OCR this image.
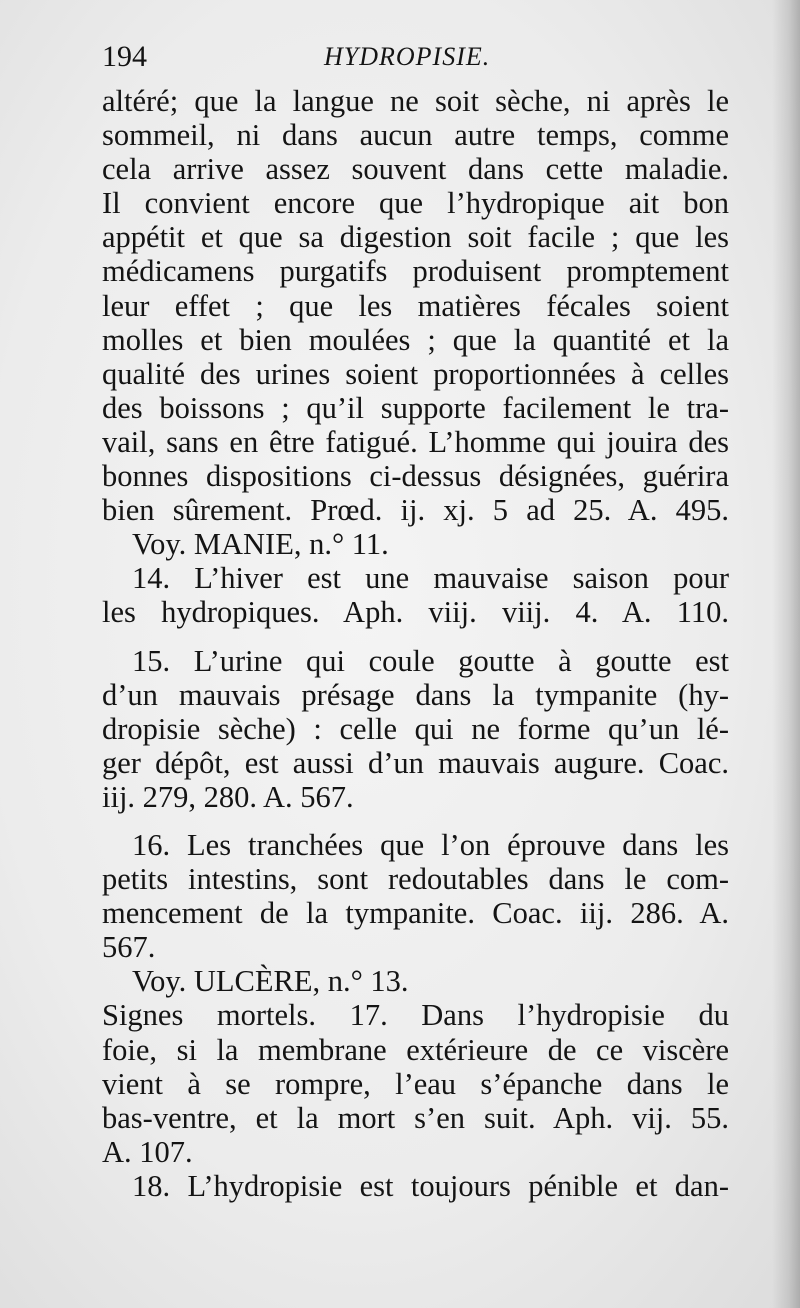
194	HYDROPISIE.
altéré; que la langue ne soit sèche, ni après le
sommeil, ni dans aucun autre temps, comme
cela arrive assez souvent dans cette maladie.
Il convient encore que l’hydropique ait bon
appétit et que sa digestion soit facile ; que les
médicamens purgatifs produisent promptement
leur effet ; que les matières fécales soient
molles et bien moulées ; que la quantité et la
qualité des urines soient proportionnées à celles
des boissons ; qu’il supporte facilement le tra-
vail, sans en être fatigué. L’homme qui jouira des
bonnes dispositions ci-dessus désignées, guérira
bien sûrement. Prœd. ij. xj. 5 ad 25. A. 495.
Voy. MANIE, n.° 11.
14. L’hiver est une mauvaise saison pour
les hydropiques. Aph. viij. viij. 4. A. 110.
15. L’urine qui coule goutte à goutte est
d’un mauvais présage dans la tympanite (hy-
dropisie sèche) : celle qui ne forme qu’un lé-
ger dépôt, est aussi d’un mauvais augure. Coac.
iij. 279, 280. A. 567.
16. Les tranchées que l’on éprouve dans les
petits intestins, sont redoutables dans le com-
mencement de la tympanite. Coac. iij. 286. A.
567.
Voy. ULCÈRE, n.° 13.
Signes mortels. 17. Dans l’hydropisie du
foie, si la membrane extérieure de ce viscère
vient à se rompre, l’eau s’épanche dans le
bas-ventre, et la mort s’en suit. Aph. vij. 55.
A. 107.
18. L’hydropisie est toujours pénible et dan-
